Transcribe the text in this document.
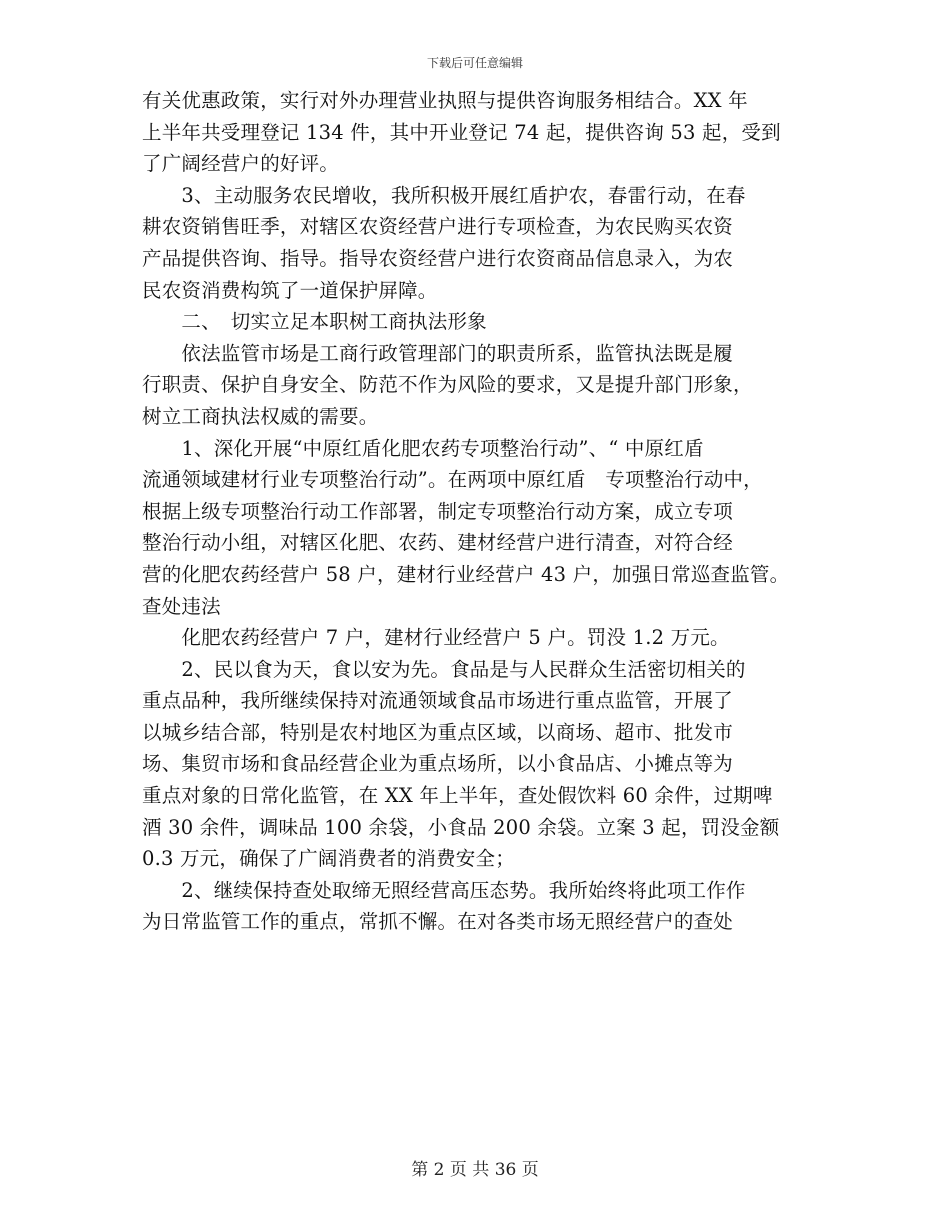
下载后可任意编辑
有关优惠政策，实行对外办理营业执照与提供咨询服务相结合。XX 年
上半年共受理登记 134 件，其中开业登记 74 起，提供咨询 53 起，受到
了广阔经营户的好评。
　　3、主动服务农民增收，我所积极开展红盾护农，春雷行动，在春
耕农资销售旺季，对辖区农资经营户进行专项检查，为农民购买农资
产品提供咨询、指导。指导农资经营户进行农资商品信息录入，为农
民农资消费构筑了一道保护屏障。
　　二、　切实立足本职树工商执法形象
　　依法监管市场是工商行政管理部门的职责所系，监管执法既是履
行职责、保护自身安全、防范不作为风险的要求，又是提升部门形象，
树立工商执法权威的需要。
　　1、深化开展“中原红盾化肥农药专项整治行动”、“ 中原红盾
流通领域建材行业专项整治行动”。在两项中原红盾　专项整治行动中，
根据上级专项整治行动工作部署，制定专项整治行动方案，成立专项
整治行动小组，对辖区化肥、农药、建材经营户进行清查，对符合经
营的化肥农药经营户 58 户，建材行业经营户 43 户，加强日常巡查监管。
查处违法
　　化肥农药经营户 7 户，建材行业经营户 5 户。罚没 1.2 万元。
　　2、民以食为天，食以安为先。食品是与人民群众生活密切相关的
重点品种，我所继续保持对流通领域食品市场进行重点监管，开展了
以城乡结合部，特别是农村地区为重点区域，以商场、超市、批发市
场、集贸市场和食品经营企业为重点场所，以小食品店、小摊点等为
重点对象的日常化监管，在 XX 年上半年，查处假饮料 60 余件，过期啤
酒 30 余件，调味品 100 余袋，小食品 200 余袋。立案 3 起，罚没金额
0.3 万元，确保了广阔消费者的消费安全；
　　2、继续保持查处取缔无照经营高压态势。我所始终将此项工作作
为日常监管工作的重点，常抓不懈。在对各类市场无照经营户的查处
第 2 页 共 36 页
